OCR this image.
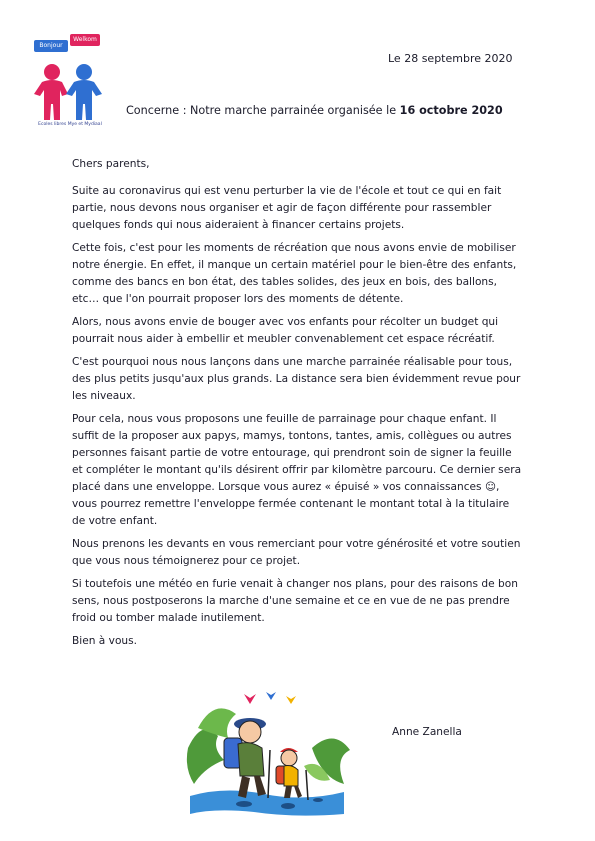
Bonjour
Welkom
Ecoles libres Mye et Mydiaal
Le 28 septembre 2020
Concerne : Notre marche parrainée organisée le 16 octobre 2020

Chers parents,

Suite au coronavirus qui est venu perturber la vie de l'école et tout ce qui en fait partie, nous devons nous organiser et agir de façon différente pour rassembler quelques fonds qui nous aideraient à financer certains projets.

Cette fois, c'est pour les moments de récréation que nous avons envie de mobiliser notre énergie. En effet, il manque un certain matériel pour le bien-être des enfants, comme des bancs en bon état, des tables solides, des jeux en bois, des ballons, etc… que l'on pourrait proposer lors des moments de détente.

Alors, nous avons envie de bouger avec vos enfants pour récolter un budget qui pourrait nous aider à embellir et meubler convenablement cet espace récréatif.

C'est pourquoi nous nous lançons dans une marche parrainée réalisable pour tous, des plus petits jusqu'aux plus grands. La distance sera bien évidemment revue pour les niveaux.

Pour cela, nous vous proposons une feuille de parrainage pour chaque enfant. Il suffit de la proposer aux papys, mamys, tontons, tantes, amis, collègues ou autres personnes faisant partie de votre entourage, qui prendront soin de signer la feuille et compléter le montant qu'ils désirent offrir par kilomètre parcouru. Ce dernier sera placé dans une enveloppe. Lorsque vous aurez « épuisé » vos connaissances ☺, vous pourrez remettre l'enveloppe fermée contenant le montant total à la titulaire de votre enfant.

Nous prenons les devants en vous remerciant pour votre générosité et votre soutien que vous nous témoignerez pour ce projet.

Si toutefois une météo en furie venait à changer nos plans, pour des raisons de bon sens, nous postposerons la marche d'une semaine et ce en vue de ne pas prendre froid ou tomber malade inutilement.

Bien à vous.

Anne Zanella
